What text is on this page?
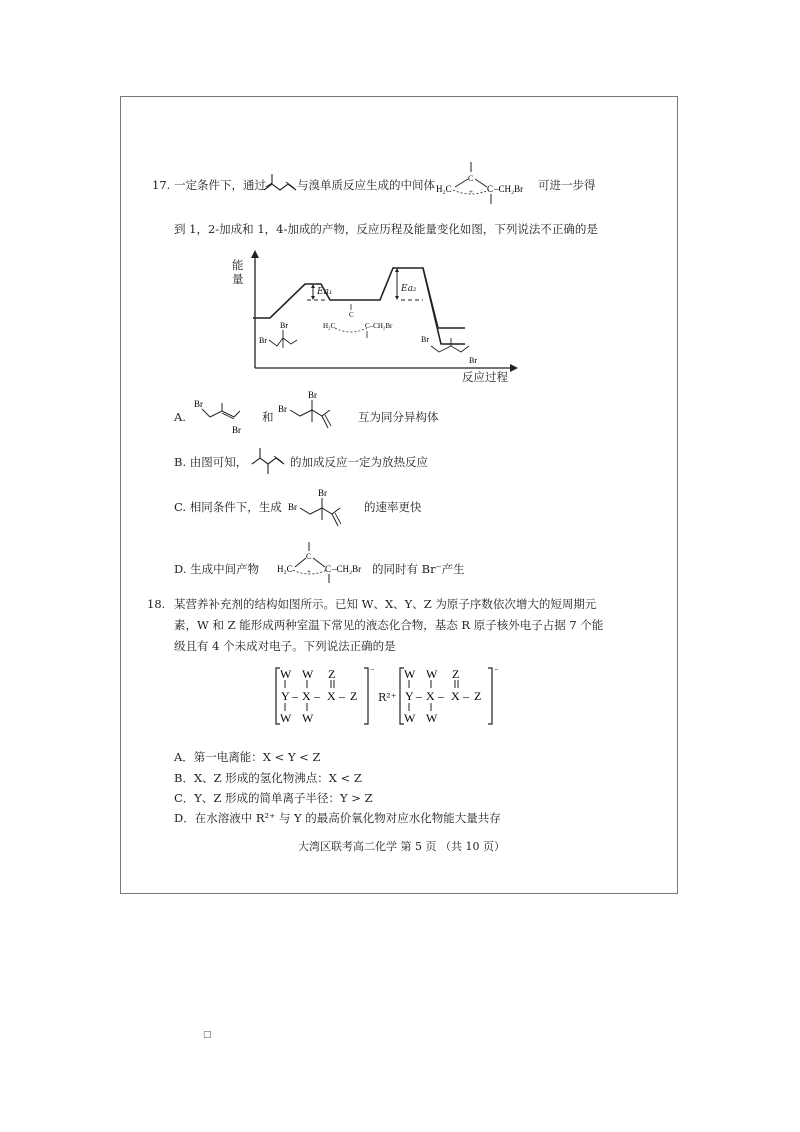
17. 一定条件下，通过	与溴单质反应生成的中间体 H₂C
C
C –CH₂Br
+	可进一步得
到 1，2-加成和 1，4-加成的产物，反应历程及能量变化如图，下列说法不正确的是
Br
Br	H₂C
C
C–CH₂Br
Br
Br
能
量
Ea₁	Ea₂
反应过程
A.
Br
Br
和
Br
Br
互为同分异构体
B. 由图可知，	的加成反应一定为放热反应
C. 相同条件下，生成 Br
Br
的速率更快
D. 生成中间产物 H₂C
C
C –CH₂Br
+	的同时有 Br⁻产生
18. 某营养补充剂的结构如图所示。已知 W、X、Y、Z 为原子序数依次增大的短周期元
素，W 和 Z 能形成两种室温下常见的液态化合物，基态 R 原子核外电子占据 7 个能
级且有 4 个未成对电子。下列说法正确的是
−
W W Z
Y – X – X – Z
W W
−
W W Z
Y – X – X – Z
W W
R²⁺
A．第一电离能：X < Y < Z
B．X、Z 形成的氢化物沸点：X < Z
C．Y、Z 形成的简单离子半径：Y > Z
D．在水溶液中 R²⁺ 与 Y 的最高价氧化物对应水化物能大量共存
大湾区联考高二化学 第 5 页 （共 10 页）
□
